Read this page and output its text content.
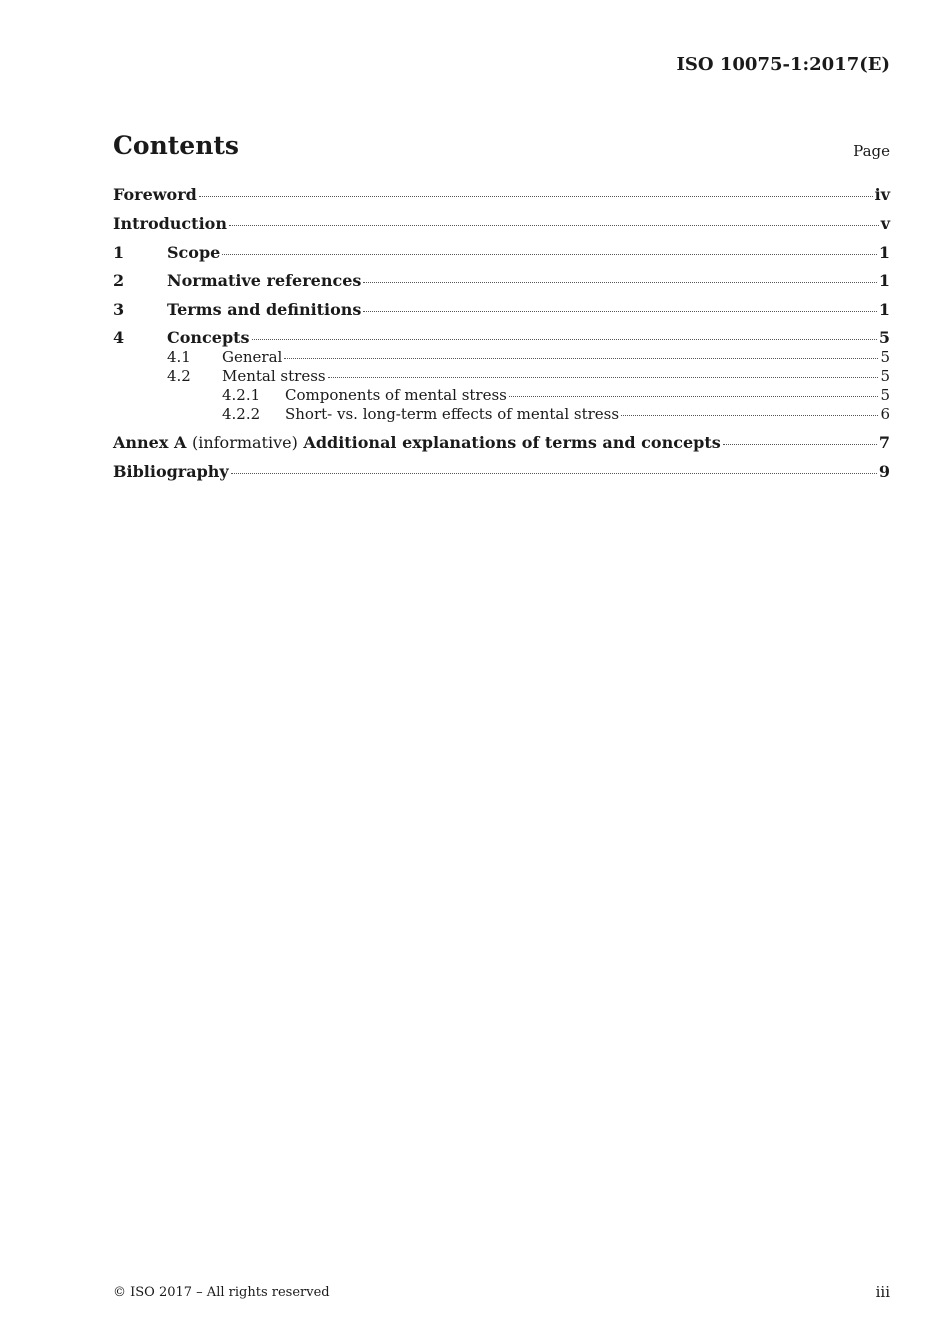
ISO 10075-1:2017(E)
Contents	Page
Foreword	iv
Introduction	v
1	Scope	1
2	Normative references	1
3	Terms and definitions	1
4	Concepts	5
4.1	General	5
4.2	Mental stress	5
4.2.1	Components of mental stress	5
4.2.2	Short- vs. long-term effects of mental stress	6
Annex A (informative) Additional explanations of terms and concepts	7
Bibliography	9
© ISO 2017 – All rights reserved	iii
